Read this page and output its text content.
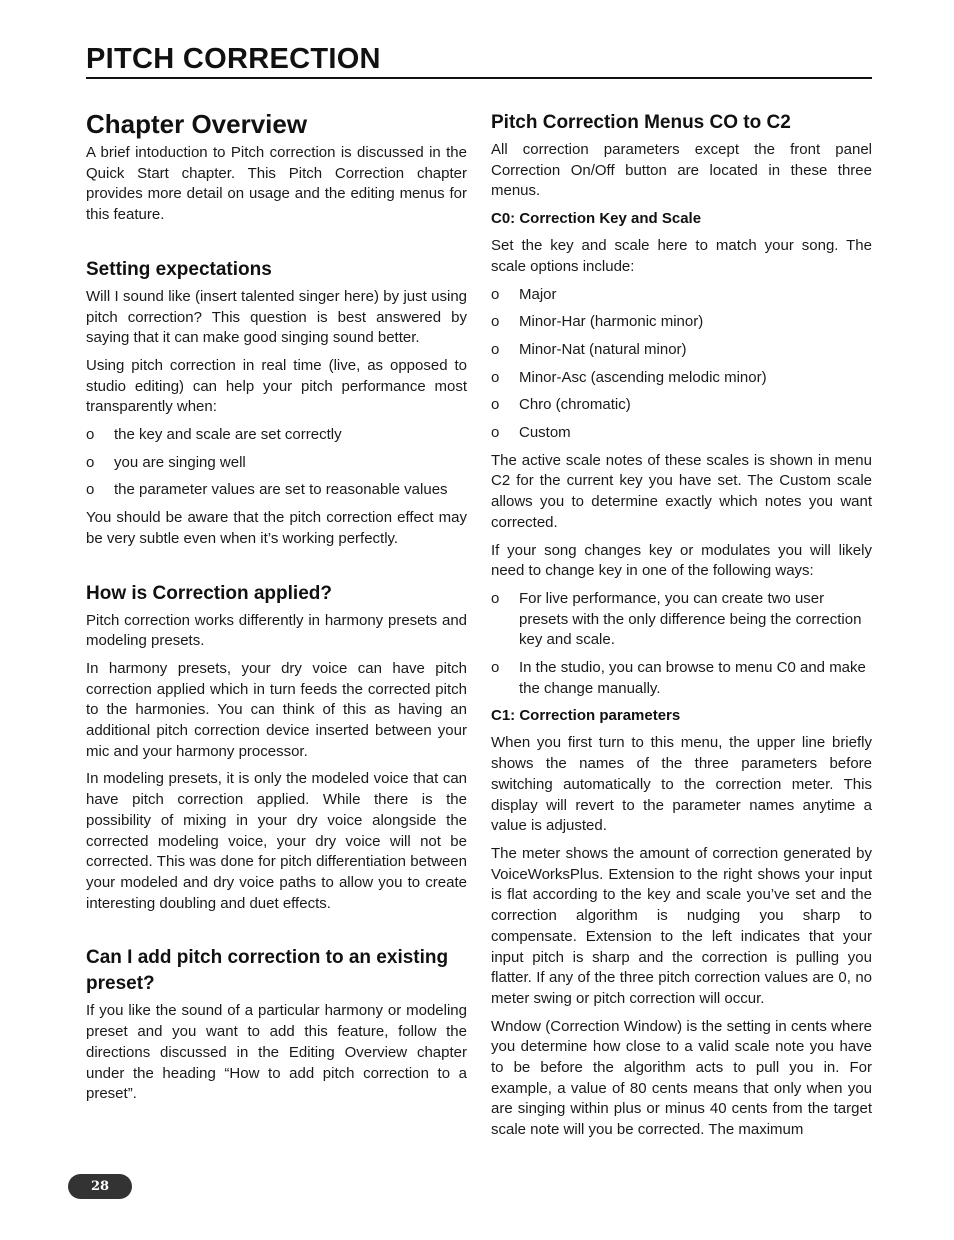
PITCH CORRECTION
Chapter Overview

A brief intoduction to Pitch correction is discussed in the Quick Start chapter. This Pitch Correction chapter provides more detail on usage and the editing menus for this feature.

Setting expectations

Will I sound like (insert talented singer here) by just using pitch correction? This question is best answered by saying that it can make good singing sound better.

Using pitch correction in real time (live, as opposed to studio editing) can help your pitch performance most transparently when:

o the key and scale are set correctly
o you are singing well
o the parameter values are set to reasonable values

You should be aware that the pitch correction effect may be very subtle even when it’s working perfectly.

How is Correction applied?

Pitch correction works differently in harmony presets and modeling presets.

In harmony presets, your dry voice can have pitch correction applied which in turn feeds the corrected pitch to the harmonies. You can think of this as having an additional pitch correction device inserted between your mic and your harmony processor.

In modeling presets, it is only the modeled voice that can have pitch correction applied. While there is the possibility of mixing in your dry voice alongside the corrected modeling voice, your dry voice will not be corrected. This was done for pitch differentiation between your modeled and dry voice paths to allow you to create interesting doubling and duet effects.

Can I add pitch correction to an existing preset?

If you like the sound of a particular harmony or modeling preset and you want to add this feature, follow the directions discussed in the Editing Overview chapter under the heading “How to add pitch correction to a preset”.

Pitch Correction Menus CO to C2

All correction parameters except the front panel Correction On/Off button are located in these three menus.

C0: Correction Key and Scale

Set the key and scale here to match your song. The scale options include:

o Major
o Minor-Har (harmonic minor)
o Minor-Nat (natural minor)
o Minor-Asc (ascending melodic minor)
o Chro (chromatic)
o Custom

The active scale notes of these scales is shown in menu C2 for the current key you have set. The Custom scale allows you to determine exactly which notes you want corrected.

If your song changes key or modulates you will likely need to change key in one of the following ways:

o For live performance, you can create two user presets with the only difference being the correction key and scale.
o In the studio, you can browse to menu C0 and make the change manually.
C1: Correction parameters

When you first turn to this menu, the upper line briefly shows the names of the three parameters before switching automatically to the correction meter. This display will revert to the parameter names anytime a value is adjusted.

The meter shows the amount of correction generated by VoiceWorksPlus. Extension to the right shows your input is flat according to the key and scale you’ve set and the correction algorithm is nudging you sharp to compensate. Extension to the left indicates that your input pitch is sharp and the correction is pulling you flatter. If any of the three pitch correction values are 0, no meter swing or pitch correction will occur.

Wndow (Correction Window) is the setting in cents where you determine how close to a valid scale note you have to be before the algorithm acts to pull you in. For example, a value of 80 cents means that only when you are singing within plus or minus 40 cents from the target scale note will you be corrected. The maximum

28
